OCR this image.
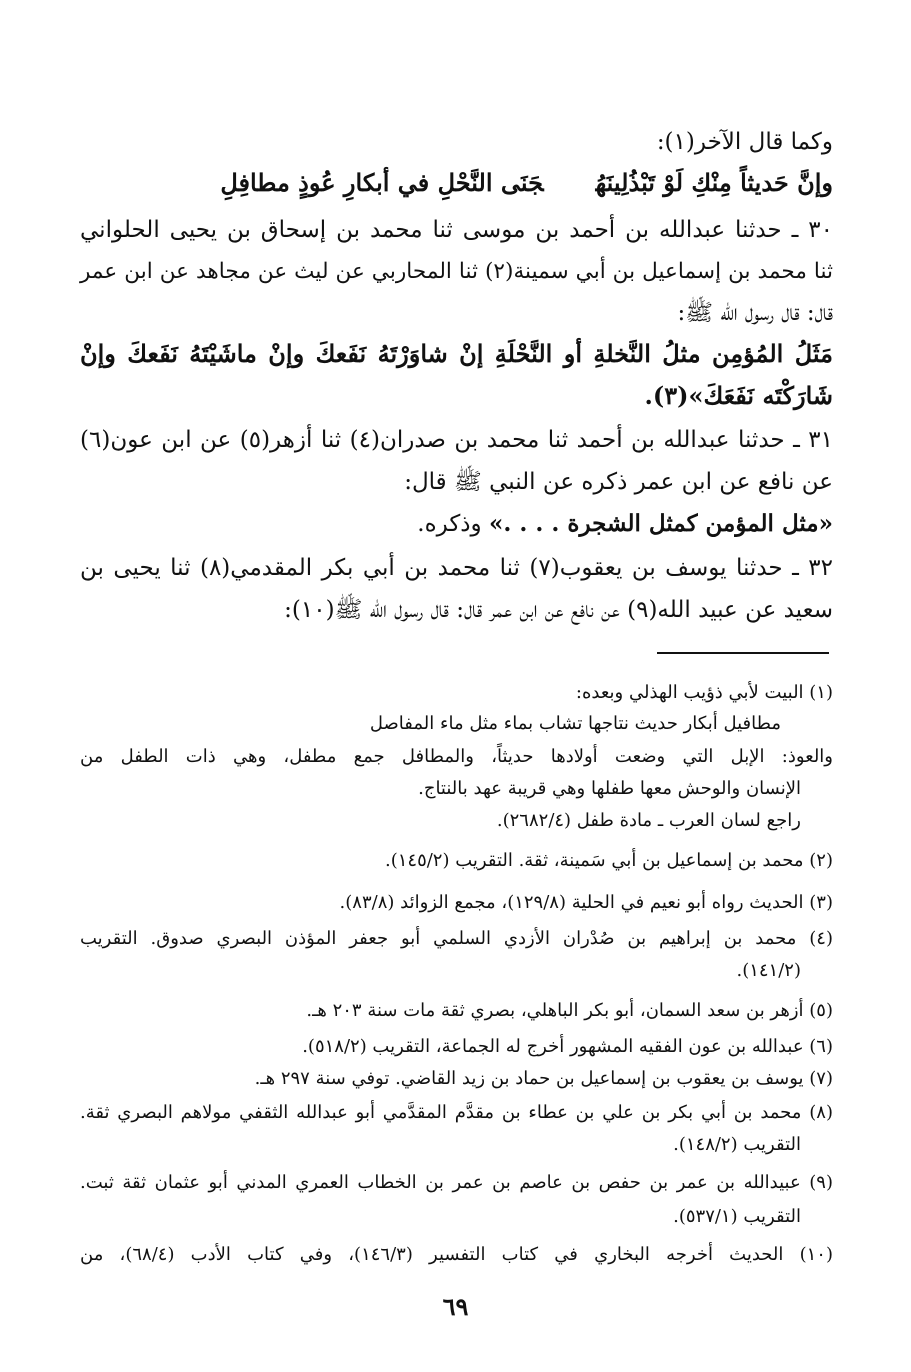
وكما قال الآخر(١):
وإنَّ حَديثاً مِنْكِ لَوْ تَبْذُلِينَهُجَنَى النَّحْلِ في أبكارِ عُوذٍ مطافِلِ
٣٠ ـ حدثنا عبدالله بن أحمد بن موسى ثنا محمد بن إسحاق بن يحيى الحلواني
ثنا محمد بن إسماعيل بن أبي سمينة(٢) ثنا المحاربي عن ليث عن مجاهد عن ابن عمر
قال: قال رسول الله ﷺ:
مَثَلُ المُؤمِن مثلُ النَّخلةِ أو النَّحْلَةِ إنْ شاوَرْتَهُ نَفَعكَ وإنْ ماشَيْتَهُ نَفَعكَ وإنْ
شَارَكْتَه نَفَعَكَ»(٣).
٣١ ـ حدثنا عبدالله بن أحمد ثنا محمد بن صدران(٤) ثنا أزهر(٥) عن ابن عون(٦)
عن نافع عن ابن عمر ذكره عن النبي ﷺ قال:
«مثل المؤمن كمثل الشجرة . . . .» وذكره.
٣٢ ـ حدثنا يوسف بن يعقوب(٧) ثنا محمد بن أبي بكر المقدمي(٨) ثنا يحيى بن
سعيد عن عبيد الله(٩) عن نافع عن ابن عمر قال: قال رسول الله ﷺ(١٠):
(١) البيت لأبي ذؤيب الهذلي وبعده:
مطافيل أبكار حديث نتاجها تشاب بماء مثل ماء المفاصل
والعوذ: الإبل التي وضعت أولادها حديثاً، والمطافل جمع مطفل، وهي ذات الطفل من
الإنسان والوحش معها طفلها وهي قريبة عهد بالنتاج.
راجع لسان العرب ـ مادة طفل (٢٦٨٢/٤).
(٢) محمد بن إسماعيل بن أبي سَمينة، ثقة. التقريب (١٤٥/٢).
(٣) الحديث رواه أبو نعيم في الحلية (١٢٩/٨)، مجمع الزوائد (٨٣/٨).
(٤) محمد بن إبراهيم بن صُدْران الأزدي السلمي أبو جعفر المؤذن البصري صدوق. التقريب
(١٤١/٢).
(٥) أزهر بن سعد السمان، أبو بكر الباهلي، بصري ثقة مات سنة ٢٠٣ هـ.
(٦) عبدالله بن عون الفقيه المشهور أخرج له الجماعة، التقريب (٥١٨/٢).
(٧) يوسف بن يعقوب بن إسماعيل بن حماد بن زيد القاضي. توفي سنة ٢٩٧ هـ.
(٨) محمد بن أبي بكر بن علي بن عطاء بن مقدَّم المقدَّمي أبو عبدالله الثقفي مولاهم البصري ثقة.
التقريب (١٤٨/٢).
(٩) عبيدالله بن عمر بن حفص بن عاصم بن عمر بن الخطاب العمري المدني أبو عثمان ثقة ثبت.
التقريب (٥٣٧/١).
(١٠) الحديث أخرجه البخاري في كتاب التفسير (١٤٦/٣)، وفي كتاب الأدب (٦٨/٤)، من
٦٩
